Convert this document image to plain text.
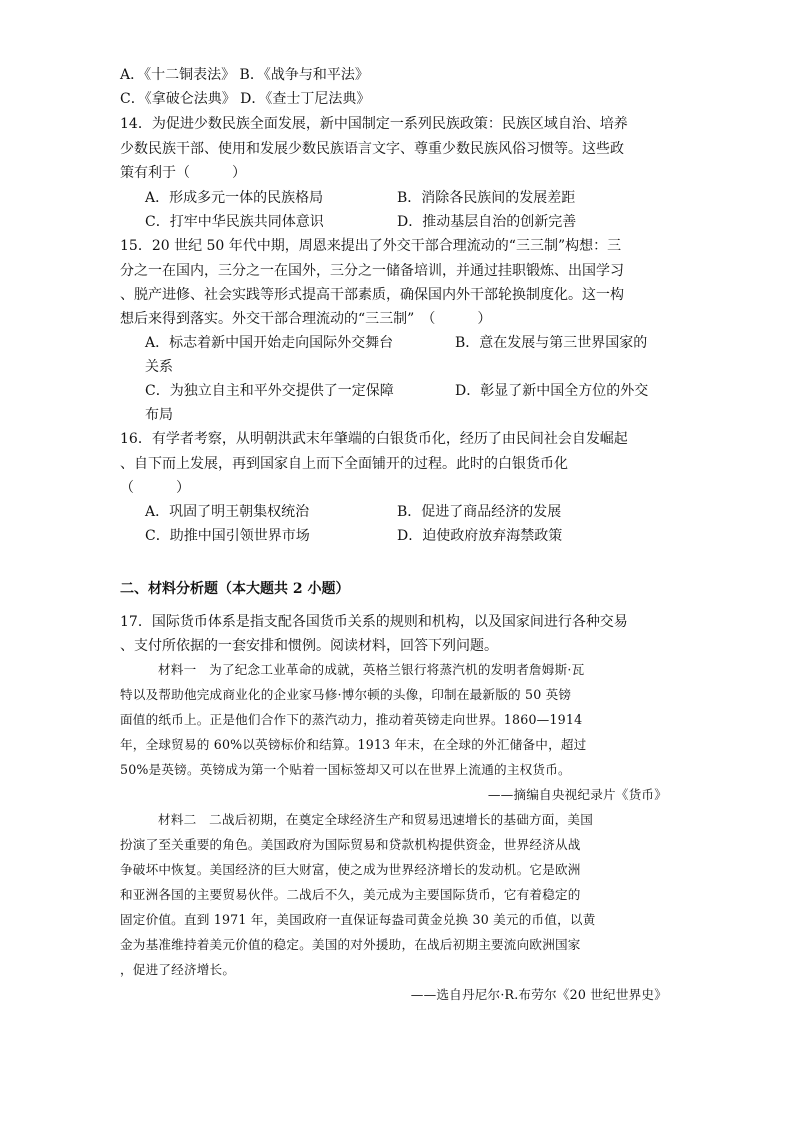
A．《十二铜表法》 B．《战争与和平法》
C．《拿破仑法典》 D．《查士丁尼法典》
14．为促进少数民族全面发展，新中国制定一系列民族政策：民族区域自治、培养
少数民族干部、使用和发展少数民族语言文字、尊重少数民族风俗习惯等。这些政
策有利于（　　　）
A．形成多元一体的民族格局	B．消除各民族间的发展差距
C．打牢中华民族共同体意识	D．推动基层自治的创新完善
15．20 世纪 50 年代中期，周恩来提出了外交干部合理流动的“三三制”构想：三
分之一在国内，三分之一在国外，三分之一储备培训，并通过挂职锻炼、出国学习
、脱产进修、社会实践等形式提高干部素质，确保国内外干部轮换制度化。这一构
想后来得到落实。外交干部合理流动的“三三制”　（　　　）
A．标志着新中国开始走向国际外交舞台	B．意在发展与第三世界国家的
关系
C．为独立自主和平外交提供了一定保障	D．彰显了新中国全方位的外交
布局
16．有学者考察，从明朝洪武末年肇端的白银货币化，经历了由民间社会自发崛起
、自下而上发展，再到国家自上而下全面铺开的过程。此时的白银货币化
（　　　）
A．巩固了明王朝集权统治	B．促进了商品经济的发展
C．助推中国引领世界市场	D．迫使政府放弃海禁政策
二、材料分析题（本大题共 2 小题）
17．国际货币体系是指支配各国货币关系的规则和机构，以及国家间进行各种交易
、支付所依据的一套安排和惯例。阅读材料，回答下列问题。
材料一　为了纪念工业革命的成就，英格兰银行将蒸汽机的发明者詹姆斯·瓦
特以及帮助他完成商业化的企业家马修·博尔顿的头像，印制在最新版的 50 英镑
面值的纸币上。正是他们合作下的蒸汽动力，推动着英镑走向世界。1860—1914
年，全球贸易的 60%以英镑标价和结算。1913 年末，在全球的外汇储备中，超过
50%是英镑。英镑成为第一个贴着一国标签却又可以在世界上流通的主权货币。
——摘编自央视纪录片《货币》
材料二　二战后初期，在奠定全球经济生产和贸易迅速增长的基础方面，美国
扮演了至关重要的角色。美国政府为国际贸易和贷款机构提供资金，世界经济从战
争破坏中恢复。美国经济的巨大财富，使之成为世界经济增长的发动机。它是欧洲
和亚洲各国的主要贸易伙伴。二战后不久，美元成为主要国际货币，它有着稳定的
固定价值。直到 1971 年，美国政府一直保证每盎司黄金兑换 30 美元的币值，以黄
金为基准维持着美元价值的稳定。美国的对外援助，在战后初期主要流向欧洲国家
，促进了经济增长。
——选自丹尼尔·R.布劳尔《20 世纪世界史》
